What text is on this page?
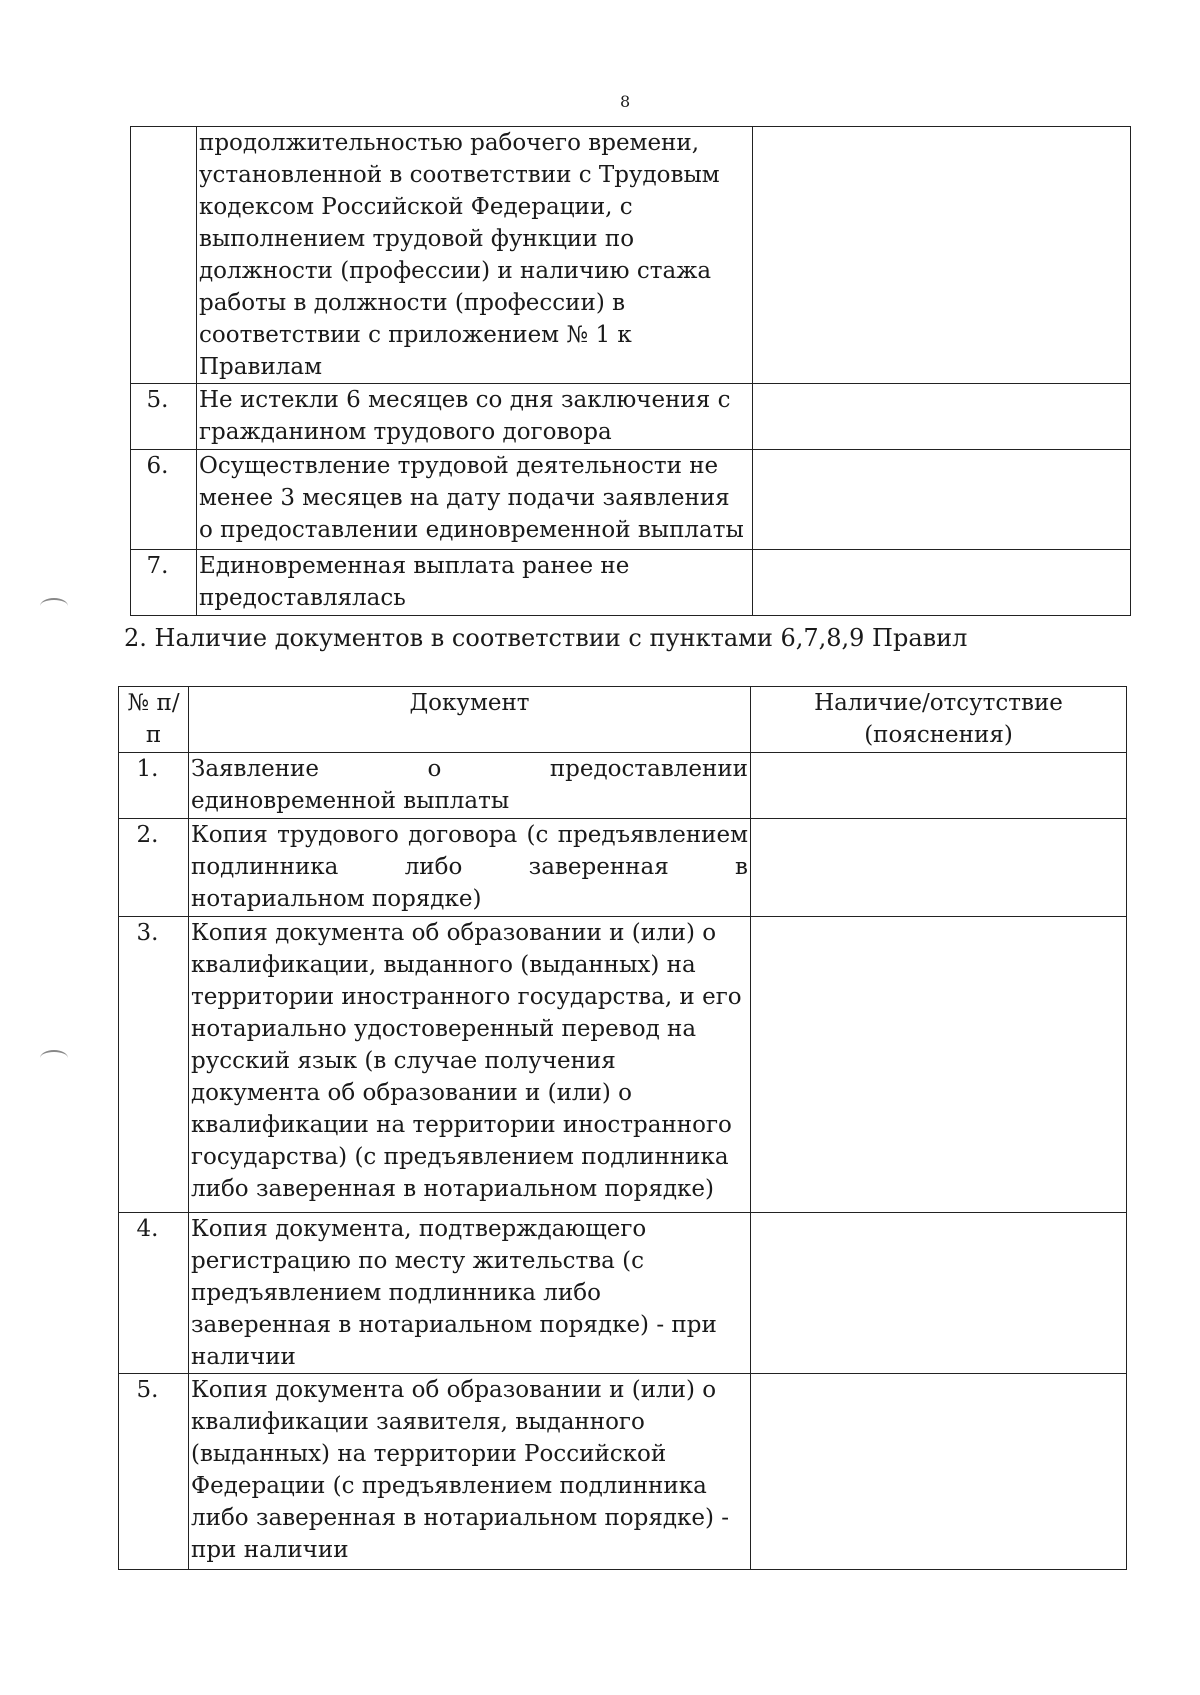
8
	продолжительностью рабочего времени, установленной в соответствии с Трудовым кодексом Российской Федерации, с выполнением трудовой функции по должности (профессии) и наличию стажа работы в должности (профессии) в соответствии с приложением № 1 к Правилам	
5.	Не истекли 6 месяцев со дня заключения с гражданином трудового договора	
6.	Осуществление трудовой деятельности не менее 3 месяцев на дату подачи заявления о предоставлении единовременной выплаты	
7.	Единовременная выплата ранее не предоставлялась	
2. Наличие документов в соответствии с пунктами 6,7,8,9 Правил
№ п/п	Документ	Наличие/отсутствие (пояснения)
1.	Заявление о предоставлении единовременной выплаты	
2.	Копия трудового договора (с предъявлением подлинника либо заверенная в нотариальном порядке)	
3.	Копия документа об образовании и (или) о квалификации, выданного (выданных) на территории иностранного государства, и его нотариально удостоверенный перевод на русский язык (в случае получения документа об образовании и (или) о квалификации на территории иностранного государства) (с предъявлением подлинника либо заверенная в нотариальном порядке)	
4.	Копия документа, подтверждающего регистрацию по месту жительства (с предъявлением подлинника либо заверенная в нотариальном порядке) - при наличии	
5.	Копия документа об образовании и (или) о квалификации заявителя, выданного (выданных) на территории Российской Федерации (с предъявлением подлинника либо заверенная в нотариальном порядке) - при наличии	
